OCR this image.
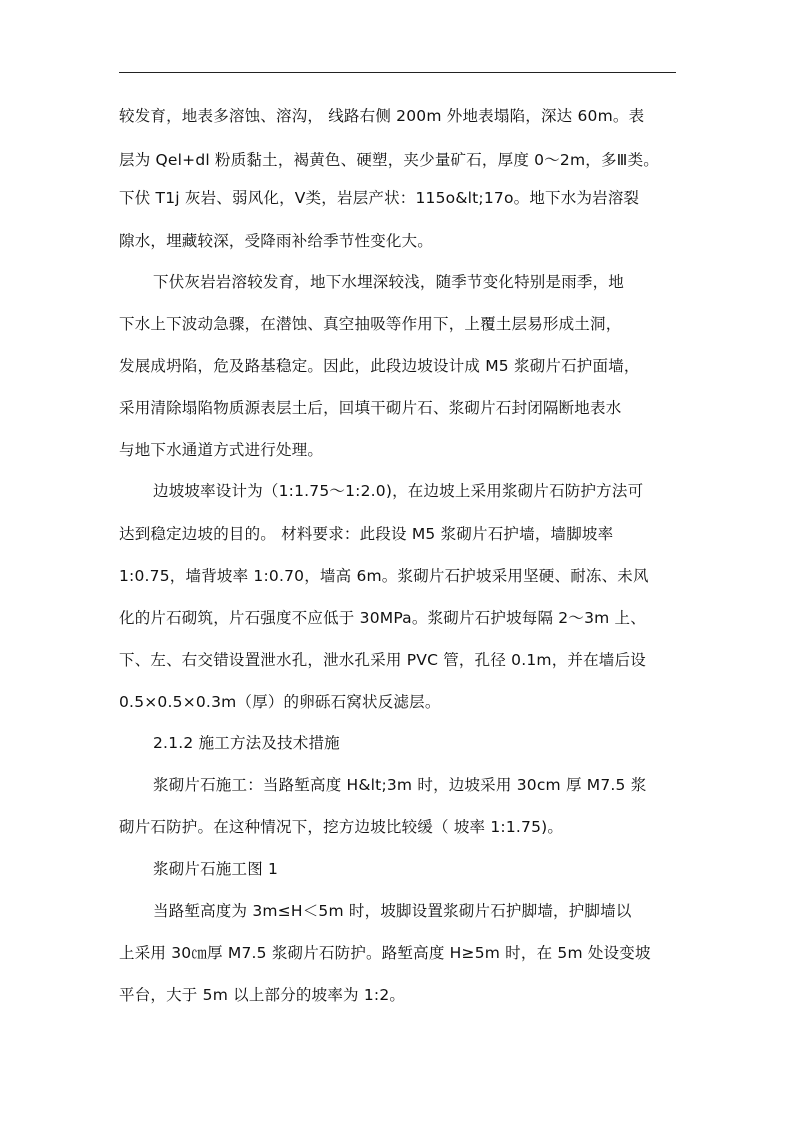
较发育，地表多溶蚀、溶沟， 线路右侧 200m 外地表塌陷，深达 60m。表
层为 Qel+dl 粉质黏土，褐黄色、硬塑，夹少量矿石，厚度 0～2m，多Ⅲ类。
下伏 T1j 灰岩、弱风化，Ⅴ类，岩层产状：115o&lt;17o。地下水为岩溶裂
隙水，埋藏较深，受降雨补给季节性变化大。
下伏灰岩岩溶较发育，地下水埋深较浅，随季节变化特别是雨季，地
下水上下波动急骤，在潜蚀、真空抽吸等作用下，上覆土层易形成土洞，
发展成坍陷，危及路基稳定。因此，此段边坡设计成 M5 浆砌片石护面墙，
采用清除塌陷物质源表层土后，回填干砌片石、浆砌片石封闭隔断地表水
与地下水通道方式进行处理。
边坡坡率设计为（1:1.75～1:2.0)，在边坡上采用浆砌片石防护方法可
达到稳定边坡的目的。 材料要求：此段设 M5 浆砌片石护墙，墙脚坡率
1:0.75，墙背坡率 1:0.70，墙高 6m。浆砌片石护坡采用坚硬、耐冻、未风
化的片石砌筑，片石强度不应低于 30MPa。浆砌片石护坡每隔 2～3m 上、
下、左、右交错设置泄水孔，泄水孔采用 PVC 管，孔径 0.1m，并在墙后设
0.5×0.5×0.3m（厚）的卵砾石窝状反滤层。
2.1.2 施工方法及技术措施
浆砌片石施工：当路堑高度 H&lt;3m 时，边坡采用 30cm 厚 M7.5 浆
砌片石防护。在这种情况下，挖方边坡比较缓（ 坡率 1:1.75)。
浆砌片石施工图 1
当路堑高度为 3m≤H＜5m 时，坡脚设置浆砌片石护脚墙，护脚墙以
上采用 30㎝厚 M7.5 浆砌片石防护。路堑高度 H≥5m 时，在 5m 处设变坡
平台，大于 5m 以上部分的坡率为 1:2。
